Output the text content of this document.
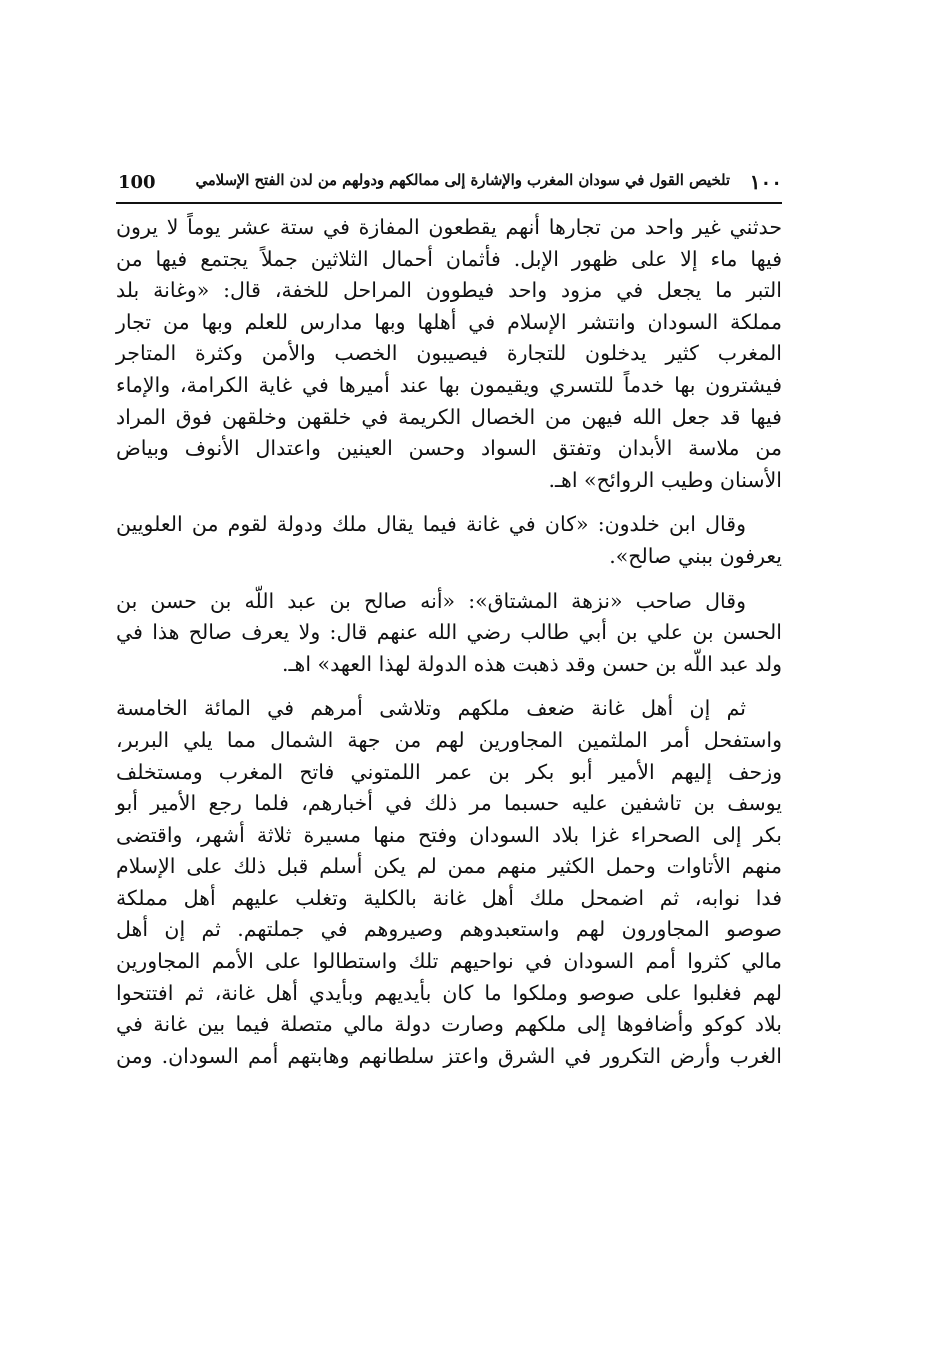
١٠٠
تلخيص القول في سودان المغرب والإشارة إلى ممالكهم ودولهم من لدن الفتح الإسلامي
100
حدثني غير واحد من تجارها أنهم يقطعون المفازة في ستة عشر يوماً لا يرون
فيها ماء إلا على ظهور الإبل. فأثمان أحمال الثلاثين جملاً يجتمع فيها من
التبر ما يجعل في مزود واحد فيطوون المراحل للخفة، قال: «وغانة بلد
مملكة السودان وانتشر الإسلام في أهلها وبها مدارس للعلم وبها من تجار
المغرب كثير يدخلون للتجارة فيصيبون الخصب والأمن وكثرة المتاجر
فيشترون بها خدماً للتسري ويقيمون بها عند أميرها في غاية الكرامة، والإماء
فيها قد جعل الله فيهن من الخصال الكريمة في خلقهن وخلقهن فوق المراد
من ملاسة الأبدان وتفتق السواد وحسن العينين واعتدال الأنوف وبياض
الأسنان وطيب الروائح» اهـ.
وقال ابن خلدون: «كان في غانة فيما يقال ملك ودولة لقوم من العلويين
يعرفون ببني صالح».
وقال صاحب «نزهة المشتاق»: «أنه صالح بن عبد اللّه بن حسن بن
الحسن بن علي بن أبي طالب رضي الله عنهم قال: ولا يعرف صالح هذا في
ولد عبد اللّه بن حسن وقد ذهبت هذه الدولة لهذا العهد» اهـ.
ثم إن أهل غانة ضعف ملكهم وتلاشى أمرهم في المائة الخامسة
واستفحل أمر الملثمين المجاورين لهم من جهة الشمال مما يلي البربر،
وزحف إليهم الأمير أبو بكر بن عمر اللمتوني فاتح المغرب ومستخلف
يوسف بن تاشفين عليه حسبما مر ذلك في أخبارهم، فلما رجع الأمير أبو
بكر إلى الصحراء غزا بلاد السودان وفتح منها مسيرة ثلاثة أشهر، واقتضى
منهم الأتاوات وحمل الكثير منهم ممن لم يكن أسلم قبل ذلك على الإسلام
فدا نوابه، ثم اضمحل ملك أهل غانة بالكلية وتغلب عليهم أهل مملكة
صوصو المجاورون لهم واستعبدوهم وصيروهم في جملتهم. ثم إن أهل
مالي كثروا أمم السودان في نواحيهم تلك واستطالوا على الأمم المجاورين
لهم فغلبوا على صوصو وملكوا ما كان بأيديهم وبأيدي أهل غانة، ثم افتتحوا
بلاد كوكو وأضافوها إلى ملكهم وصارت دولة مالي متصلة فيما بين غانة في
الغرب وأرض التكرور في الشرق واعتز سلطانهم وهابتهم أمم السودان. ومن
